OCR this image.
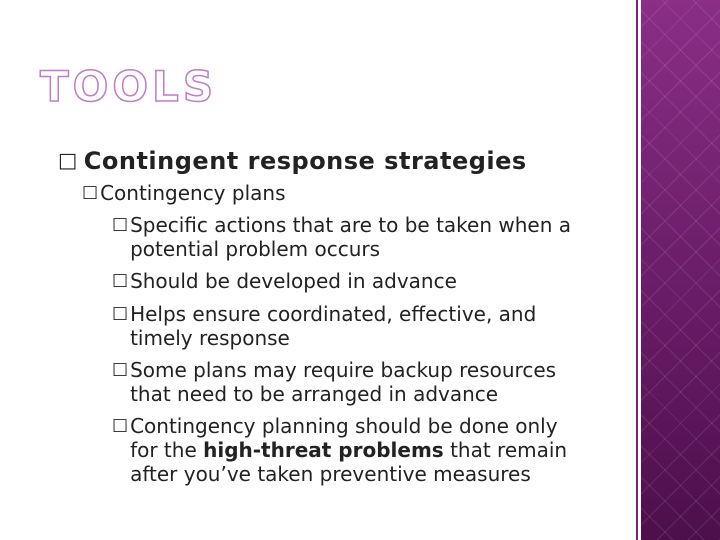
TOOLS
□ Contingent response strategies
□ Contingency plans
□ Specific actions that are to be taken when a potential problem occurs
□ Should be developed in advance
□ Helps ensure coordinated, effective, and timely response
□ Some plans may require backup resources that need to be arranged in advance
□ Contingency planning should be done only for the high-threat problems that remain after you’ve taken preventive measures
